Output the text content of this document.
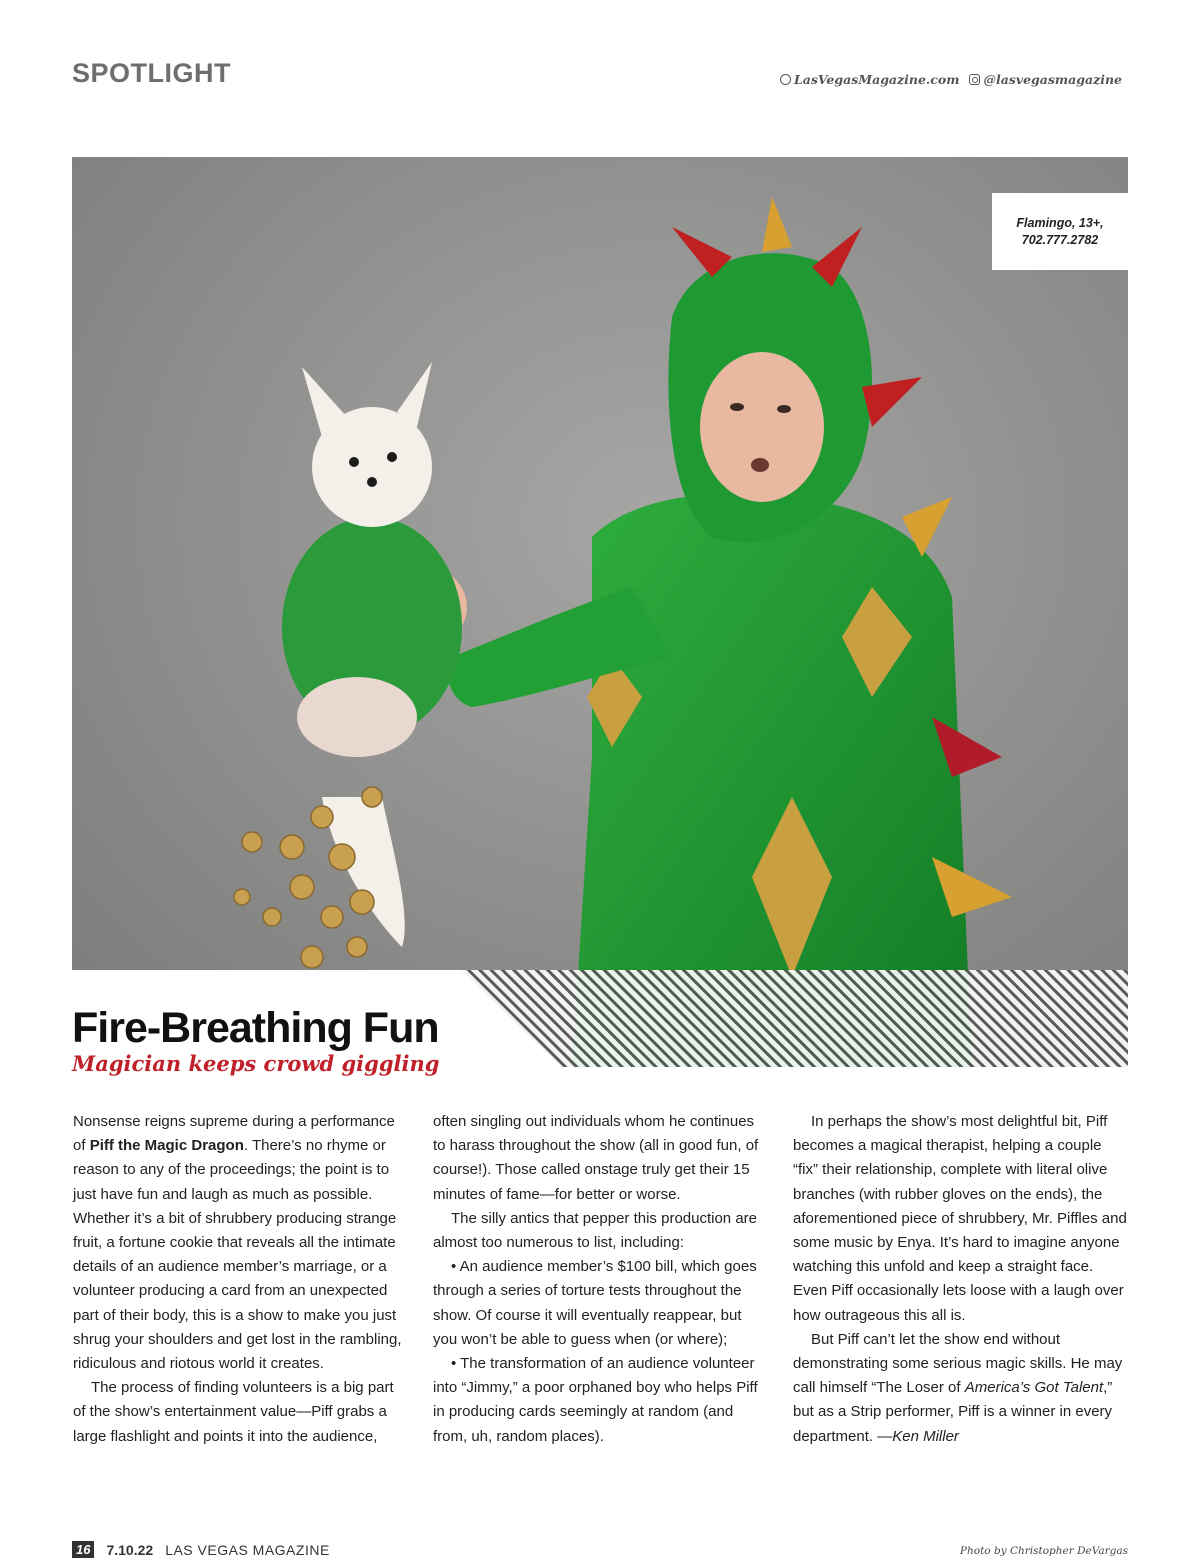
SPOTLIGHT	LasVegasMagazine.com @lasvegasmagazine
Flamingo, 13+,
702.777.2782
Fire-Breathing Fun
Magician keeps crowd giggling

Nonsense reigns supreme during a performance of Piff the Magic Dragon. There’s no rhyme or reason to any of the proceedings; the point is to just have fun and laugh as much as possible. Whether it’s a bit of shrubbery producing strange fruit, a fortune cookie that reveals all the intimate details of an audience member’s marriage, or a volunteer producing a card from an unexpected part of their body, this is a show to make you just shrug your shoulders and get lost in the rambling, ridiculous and riotous world it creates.

The process of finding volunteers is a big part of the show’s entertainment value—Piff grabs a large flashlight and points it into the audience,

often singling out individuals whom he continues to harass throughout the show (all in good fun, of course!). Those called onstage truly get their 15 minutes of fame—for better or worse.

The silly antics that pepper this production are almost too numerous to list, including:

• An audience member’s $100 bill, which goes through a series of torture tests throughout the show. Of course it will eventually reappear, but you won’t be able to guess when (or where);

• The transformation of an audience volunteer into “Jimmy,” a poor orphaned boy who helps Piff in producing cards seemingly at random (and from, uh, random places).

In perhaps the show’s most delightful bit, Piff becomes a magical therapist, helping a couple “fix” their relationship, complete with literal olive branches (with rubber gloves on the ends), the aforementioned piece of shrubbery, Mr. Piffles and some music by Enya. It’s hard to imagine anyone watching this unfold and keep a straight face. Even Piff occasionally lets loose with a laugh over how outrageous this all is.

But Piff can’t let the show end without demonstrating some serious magic skills. He may call himself “The Loser of America’s Got Talent,” but as a Strip performer, Piff is a winner in every department. —Ken Miller

16 7.10.22 LAS VEGAS MAGAZINE	Photo by Christopher DeVargas
